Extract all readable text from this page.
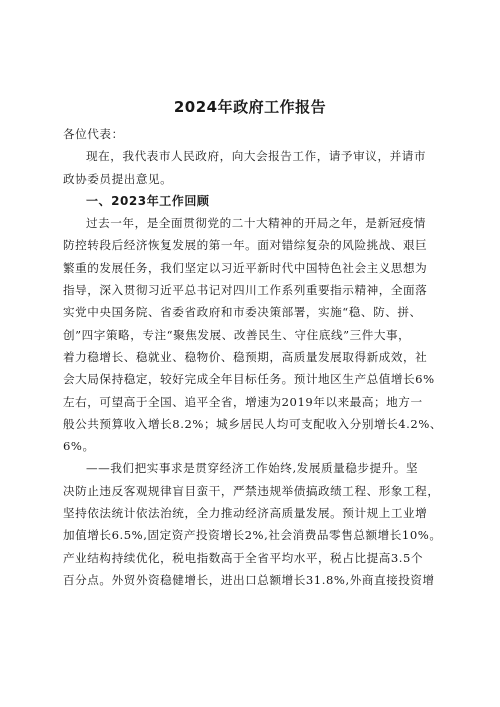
2024年政府工作报告
各位代表：
现在，我代表市人民政府，向大会报告工作，请予审议，并请市
政协委员提出意见。
一、2023年工作回顾
过去一年，是全面贯彻党的二十大精神的开局之年，是新冠疫情
防控转段后经济恢复发展的第一年。面对错综复杂的风险挑战、艰巨
繁重的发展任务，我们坚定以习近平新时代中国特色社会主义思想为
指导，深入贯彻习近平总书记对四川工作系列重要指示精神，全面落
实党中央国务院、省委省政府和市委决策部署，实施“稳、防、拼、
创”四字策略，专注“聚焦发展、改善民生、守住底线”三件大事，
着力稳增长、稳就业、稳物价、稳预期，高质量发展取得新成效，社
会大局保持稳定，较好完成全年目标任务。预计地区生产总值增长6%
左右，可望高于全国、追平全省，增速为2019年以来最高；地方一
般公共预算收入增长8.2%；城乡居民人均可支配收入分别增长4.2%、
6%。
——我们把实事求是贯穿经济工作始终,发展质量稳步提升。坚
决防止违反客观规律盲目蛮干，严禁违规举债搞政绩工程、形象工程，
坚持依法统计依法治统，全力推动经济高质量发展。预计规上工业增
加值增长6.5%,固定资产投资增长2%,社会消费品零售总额增长10%。
产业结构持续优化，税电指数高于全省平均水平，税占比提高3.5个
百分点。外贸外资稳健增长，进出口总额增长31.8%,外商直接投资增
